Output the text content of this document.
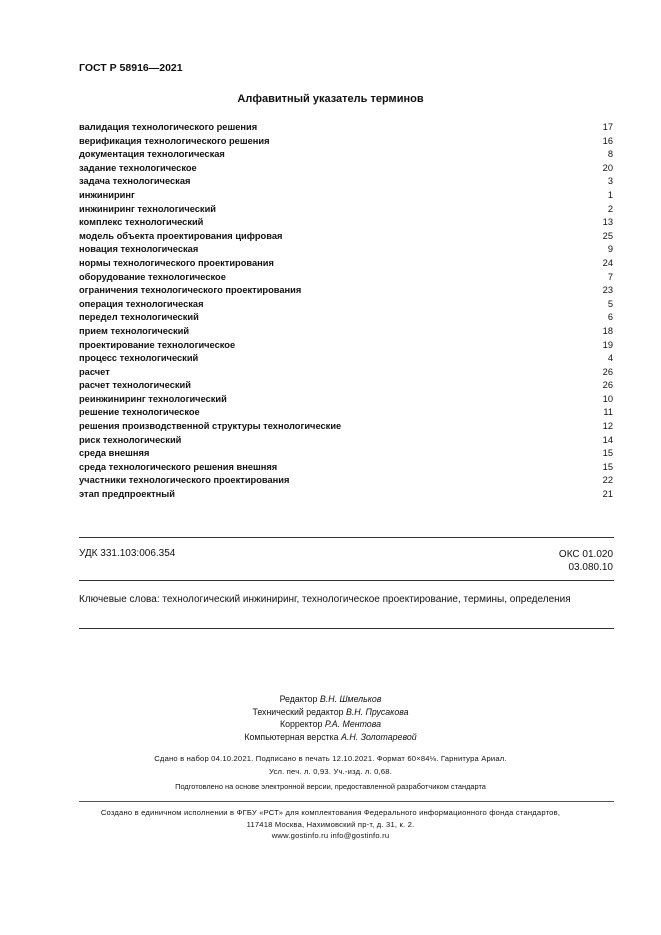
ГОСТ Р 58916—2021
Алфавитный указатель терминов
валидация технологического решения	17
верификация технологического решения	16
документация технологическая	8
задание технологическое	20
задача технологическая	3
инжиниринг	1
инжиниринг технологический	2
комплекс технологический	13
модель объекта проектирования цифровая	25
новация технологическая	9
нормы технологического проектирования	24
оборудование технологическое	7
ограничения технологического проектирования	23
операция технологическая	5
передел технологический	6
прием технологический	18
проектирование технологическое	19
процесс технологический	4
расчет	26
расчет технологический	26
реинжиниринг технологический	10
решение технологическое	11
решения производственной структуры технологические	12
риск технологический	14
среда внешняя	15
среда технологического решения внешняя	15
участники технологического проектирования	22
этап предпроектный	21
УДК 331.103:006.354	ОКС 01.020
03.080.10
Ключевые слова: технологический инжиниринг, технологическое проектирование, термины, определения
Редактор В.Н. Шмельков
Технический редактор В.Н. Прусакова
Корректор Р.А. Ментова
Компьютерная верстка А.Н. Золотаревой
Сдано в набор 04.10.2021. Подписано в печать 12.10.2021. Формат 60×84⅛. Гарнитура Ариал.
Усл. печ. л. 0,93. Уч.-изд. л. 0,68.
Подготовлено на основе электронной версии, предоставленной разработчиком стандарта
Создано в единичном исполнении в ФГБУ «РСТ» для комплектования Федерального информационного фонда стандартов,
117418 Москва, Нахимовский пр-т, д. 31, к. 2.
www.gostinfo.ru info@gostinfo.ru
